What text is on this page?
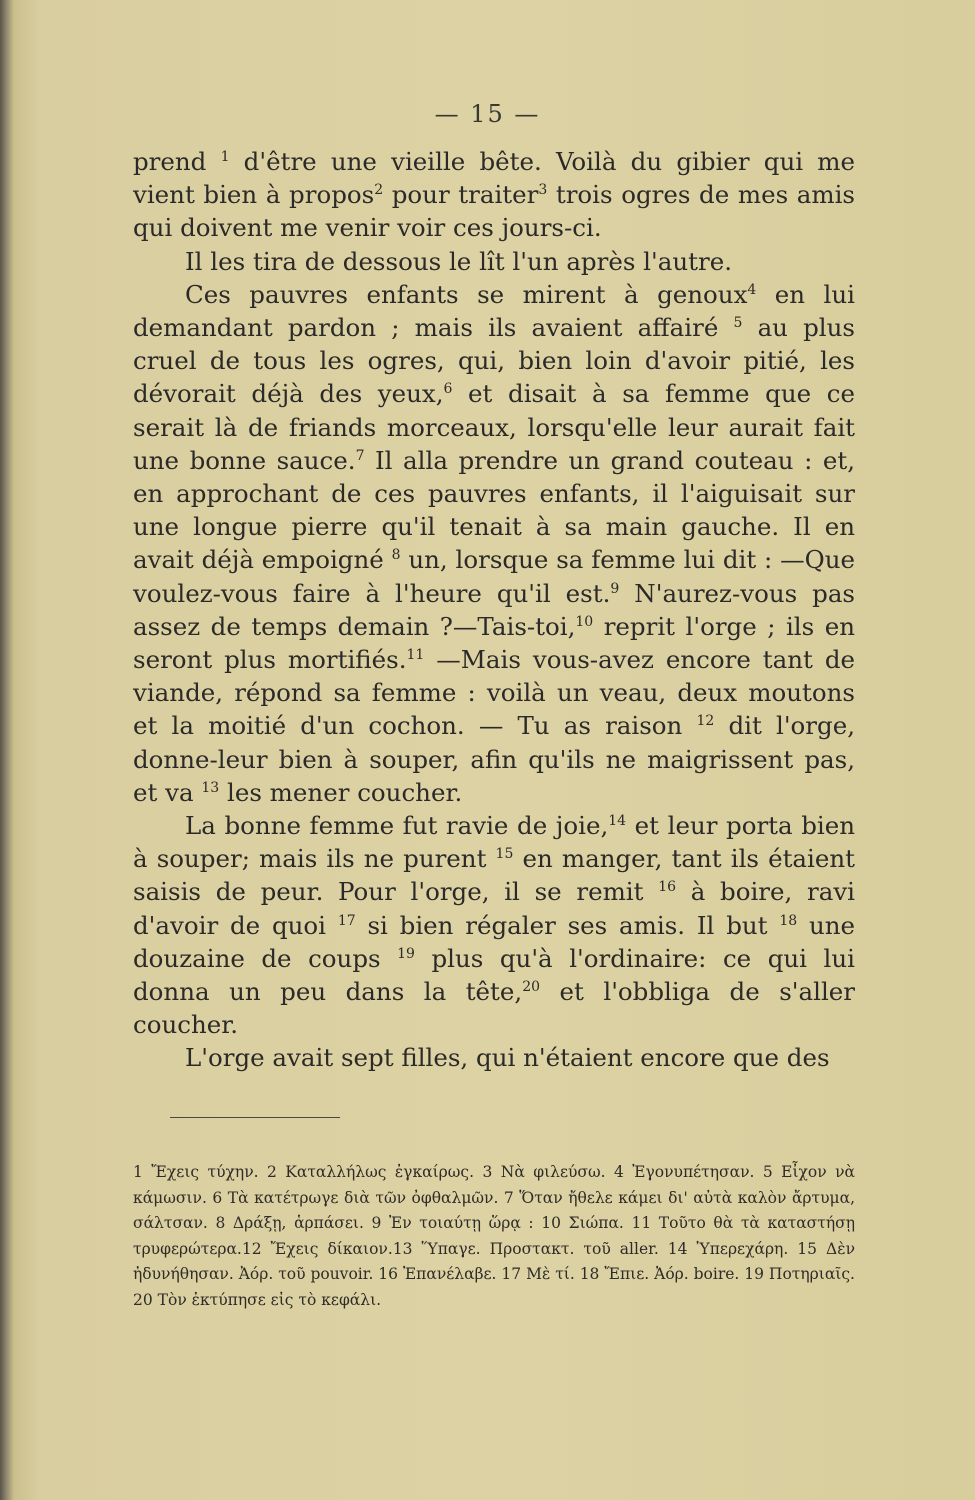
— 15 —

prend $^1$ d'être une vieille bête. Voilà du gibier qui me vient bien à propos$^2$ pour traiter$^3$ trois ogres de mes amis qui doivent me venir voir ces jours-ci.

Il les tira de dessous le lît l'un après l'autre.

Ces pauvres enfants se mirent à genoux$^4$ en lui demandant pardon ; mais ils avaient affairé $^5$ au plus cruel de tous les ogres, qui, bien loin d'avoir pitié, les dévorait déjà des yeux,$^6$ et disait à sa femme que ce serait là de friands morceaux, lorsqu'elle leur aurait fait une bonne sauce.$^7$ Il alla prendre un grand couteau : et, en approchant de ces pauvres enfants, il l'aiguisait sur une longue pierre qu'il tenait à sa main gauche. Il en avait déjà empoigné $^8$ un, lorsque sa femme lui dit : —Que voulez-vous faire à l'heure qu'il est.$^9$ N'aurez-vous pas assez de temps demain ?—Tais-toi,$^{10}$ reprit l'orge ; ils en seront plus mortifiés.$^{11}$ —Mais vous-avez encore tant de viande, répond sa femme : voilà un veau, deux moutons et la moitié d'un cochon. — Tu as raison $^{12}$ dit l'orge, donne-leur bien à souper, afin qu'ils ne maigrissent pas, et va $^{13}$ les mener coucher.

La bonne femme fut ravie de joie,$^{14}$ et leur porta bien à souper; mais ils ne purent $^{15}$ en manger, tant ils étaient saisis de peur. Pour l'orge, il se remit $^{16}$ à boire, ravi d'avoir de quoi $^{17}$ si bien régaler ses amis. Il but $^{18}$ une douzaine de coups $^{19}$ plus qu'à l'ordinaire: ce qui lui donna un peu dans la tête,$^{20}$ et l'obbliga de s'aller coucher.

L'orge avait sept filles, qui n'étaient encore que des

1 Ἔχεις τύχην. 2 Καταλλήλως ἐγκαίρως. 3 Νὰ φιλεύσω. 4 Ἐγονυπέτησαν. 5 Εἶχον νὰ κάμωσιν. 6 Τὰ κατέτρωγε διὰ τῶν ὀφθαλμῶν. 7 Ὅταν ἤθελε κάμει δι' αὐτὰ καλὸν ἄρτυμα, σάλτσαν. 8 Δράξῃ, ἁρπάσει. 9 Ἐν τοιαύτῃ ὥρᾳ : 10 Σιώπα. 11 Τοῦτο θὰ τὰ καταστήσῃ τρυφερώτερα.12 Ἔχεις δίκαιον.13 Ὕπαγε. Προστακτ. τοῦ aller. 14 Ὑπερεχάρη. 15 Δὲν ἠδυνήθησαν. Ἀόρ. τοῦ pouvoir. 16 Ἐπανέλαβε. 17 Μὲ τί. 18 Ἔπιε. Ἀόρ. boire. 19 Ποτηριαῖς. 20 Τὸν ἐκτύπησε εἰς τὸ κεφάλι.
